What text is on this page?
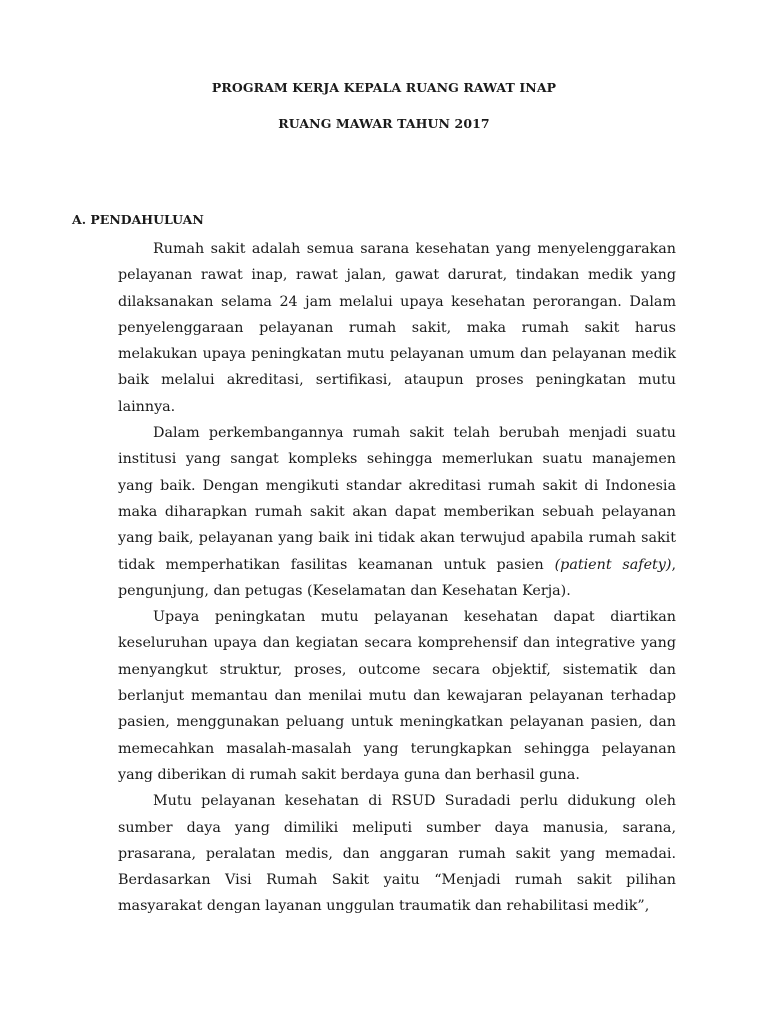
PROGRAM KERJA KEPALA RUANG RAWAT INAP
RUANG MAWAR TAHUN 2017
A. PENDAHULUAN

Rumah sakit adalah semua sarana kesehatan yang menyelenggarakan pelayanan rawat inap, rawat jalan, gawat darurat, tindakan medik yang dilaksanakan selama 24 jam melalui upaya kesehatan perorangan. Dalam penyelenggaraan pelayanan rumah sakit, maka rumah sakit harus melakukan upaya peningkatan mutu pelayanan umum dan pelayanan medik baik melalui akreditasi, sertifikasi, ataupun proses peningkatan mutu lainnya.

Dalam perkembangannya rumah sakit telah berubah menjadi suatu institusi yang sangat kompleks sehingga memerlukan suatu manajemen yang baik. Dengan mengikuti standar akreditasi rumah sakit di Indonesia maka diharapkan rumah sakit akan dapat memberikan sebuah pelayanan yang baik, pelayanan yang baik ini tidak akan terwujud apabila rumah sakit tidak memperhatikan fasilitas keamanan untuk pasien (patient safety), pengunjung, dan petugas (Keselamatan dan Kesehatan Kerja).

Upaya peningkatan mutu pelayanan kesehatan dapat diartikan keseluruhan upaya dan kegiatan secara komprehensif dan integrative yang menyangkut struktur, proses, outcome secara objektif, sistematik dan berlanjut memantau dan menilai mutu dan kewajaran pelayanan terhadap pasien, menggunakan peluang untuk meningkatkan pelayanan pasien, dan memecahkan masalah-masalah yang terungkapkan sehingga pelayanan yang diberikan di rumah sakit berdaya guna dan berhasil guna.

Mutu pelayanan kesehatan di RSUD Suradadi perlu didukung oleh sumber daya yang dimiliki meliputi sumber daya manusia, sarana, prasarana, peralatan medis, dan anggaran rumah sakit yang memadai. Berdasarkan Visi Rumah Sakit yaitu “Menjadi rumah sakit pilihan masyarakat dengan layanan unggulan traumatik dan rehabilitasi medik”,
